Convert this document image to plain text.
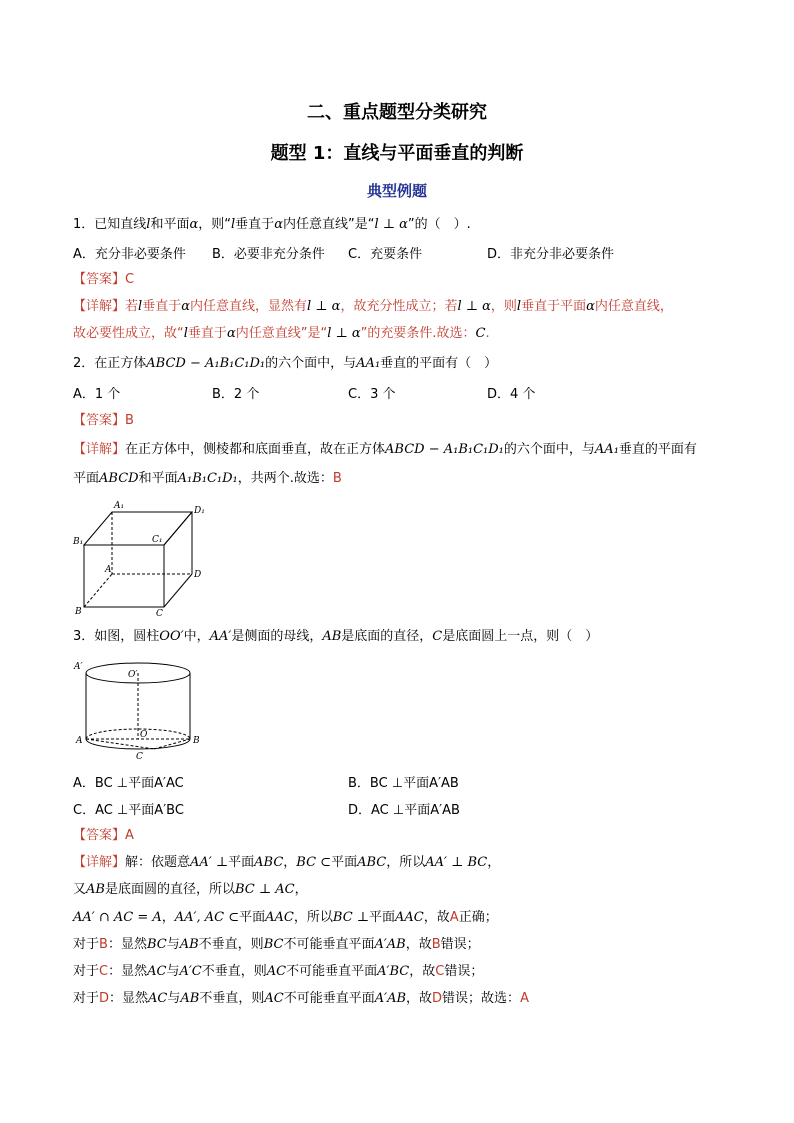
二、重点题型分类研究
题型 1：直线与平面垂直的判断
典型例题
1．已知直线l和平面α，则“l垂直于α内任意直线”是“l ⊥ α”的（　）.
A．充分非必要条件 B．必要非充分条件 C．充要条件	D．非充分非必要条件
【答案】C
【详解】若l垂直于α内任意直线，显然有l ⊥ α，故充分性成立；若l ⊥ α，则l垂直于平面α内任意直线，
故必要性成立，故“l垂直于α内任意直线”是“l ⊥ α”的充要条件.故选：C.
2．在正方体ABCD − A₁B₁C₁D₁的六个面中，与AA₁垂直的平面有（　）
A．1 个	B．2 个	C．3 个	D．4 个
【答案】B
【详解】在正方体中，侧棱都和底面垂直，故在正方体ABCD − A₁B₁C₁D₁的六个面中，与AA₁垂直的平面有
平面ABCD和平面A₁B₁C₁D₁，共两个.故选：B
A₁	D₁
B₁	C₁
A	D
B	C
3．如图，圆柱OO′中，AA′是侧面的母线，AB是底面的直径，C是底面圆上一点，则（　）
A′
O′
O
A	B
C
A．BC ⊥平面A′AC	B．BC ⊥平面A′AB
C．AC ⊥平面A′BC	D．AC ⊥平面A′AB
【答案】A
【详解】解：依题意AA′ ⊥平面ABC，BC ⊂平面ABC，所以AA′ ⊥ BC，
又AB是底面圆的直径，所以BC ⊥ AC，
AA′ ∩ AC = A，AA′, AC ⊂平面AAC，所以BC ⊥平面AAC，故A正确；
对于B：显然BC与AB不垂直，则BC不可能垂直平面A′AB，故B错误；
对于C：显然AC与A′C不垂直，则AC不可能垂直平面A′BC，故C错误；
对于D：显然AC与AB不垂直，则AC不可能垂直平面A′AB，故D错误；故选：A
